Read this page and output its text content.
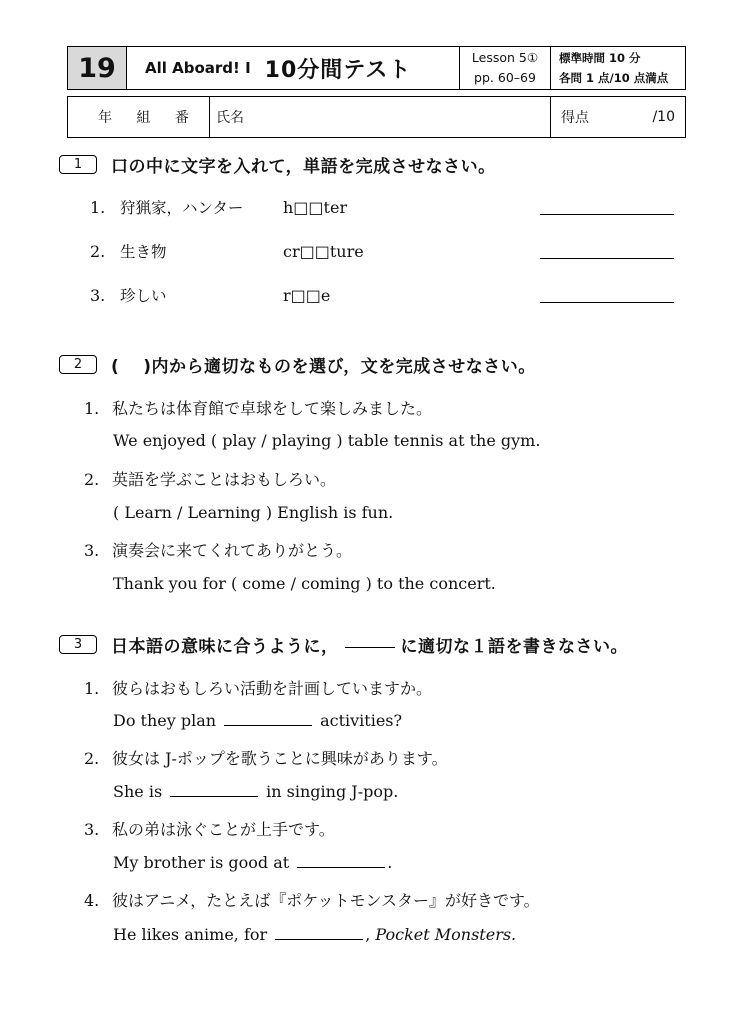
19	All Aboard! I 10分間テスト	Lesson 5①
pp. 60–69
標準時間 10 分
各問 1 点/10 点満点
年 組 番 氏名	得点	/10
1	口の中に文字を入れて，単語を完成させなさい。
1. 狩猟家，ハンター	h□□ter
2. 生き物	cr□□ture
3. 珍しい	r□□e
2	(　 )内から適切なものを選び，文を完成させなさい。
1. 私たちは体育館で卓球をして楽しみました。
We enjoyed ( play / playing ) table tennis at the gym.
2. 英語を学ぶことはおもしろい。
( Learn / Learning ) English is fun.
3. 演奏会に来てくれてありがとう。
Thank you for ( come / coming ) to the concert.
3	日本語の意味に合うように，	に適切な１語を書きなさい。
1. 彼らはおもしろい活動を計画していますか。
Do they plan	activities?
2. 彼女は J-ポップを歌うことに興味があります。
She is	in singing J-pop.
3. 私の弟は泳ぐことが上手です。
My brother is good at	.
4. 彼はアニメ，たとえば『ポケットモンスター』が好きです。
He likes anime, for	, Pocket Monsters.
